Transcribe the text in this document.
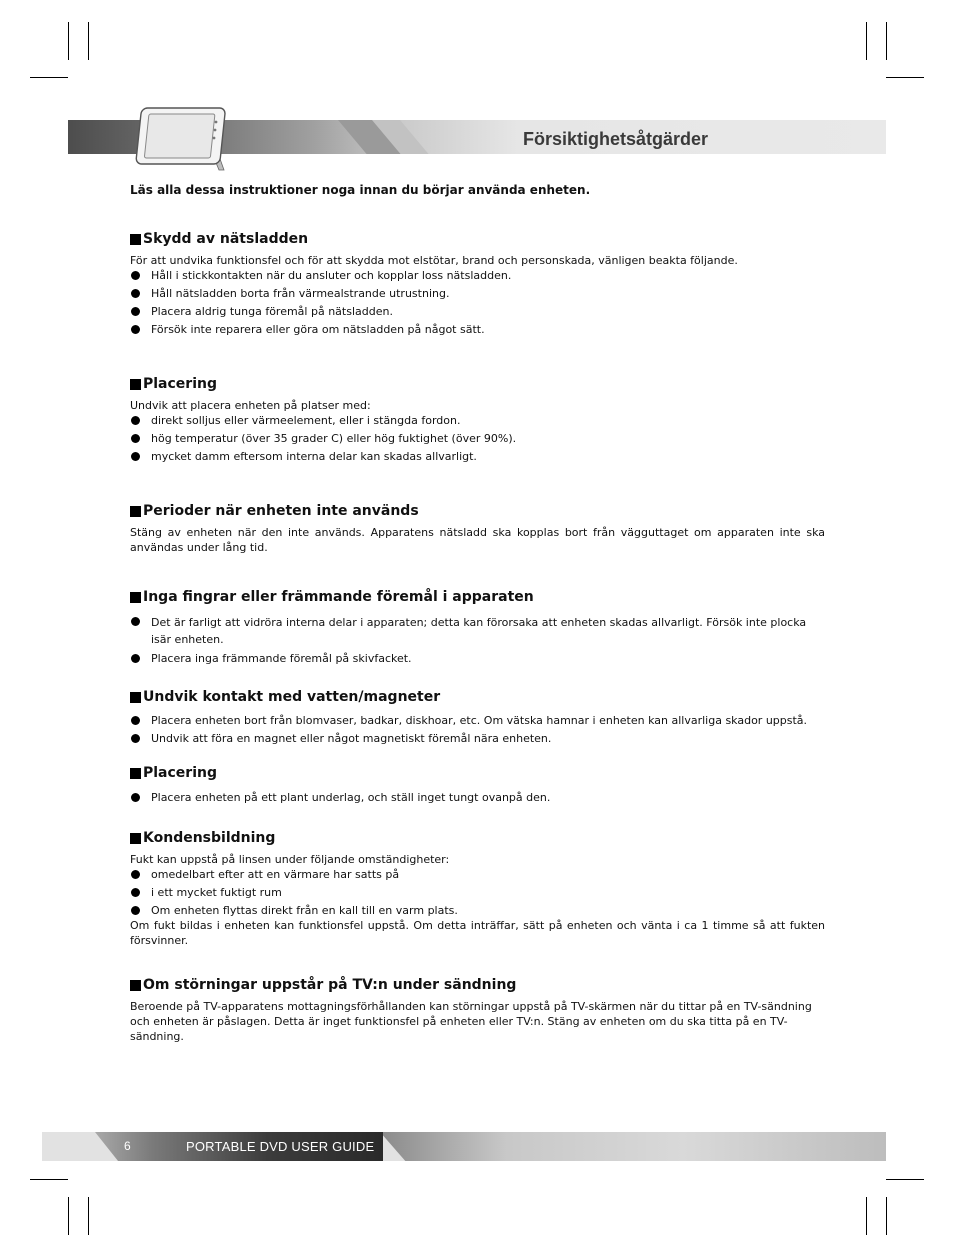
Försiktighetsåtgärder
Läs alla dessa instruktioner noga innan du börjar använda enheten.
Skydd av nätsladden
För att undvika funktionsfel och för att skydda mot elstötar, brand och personskada, vänligen beakta följande.
Håll i stickkontakten när du ansluter och kopplar loss nätsladden.
Håll nätsladden borta från värmealstrande utrustning.
Placera aldrig tunga föremål på nätsladden.
Försök inte reparera eller göra om nätsladden på något sätt.
Placering
Undvik att placera enheten på platser med:
direkt solljus eller värmeelement, eller i stängda fordon.
hög temperatur (över 35 grader C) eller hög fuktighet (över 90%).
mycket damm eftersom interna delar kan skadas allvarligt.
Perioder när enheten inte används
Stäng av enheten när den inte används. Apparatens nätsladd ska kopplas bort från vägguttaget om apparaten inte ska användas under lång tid.
Inga fingrar eller främmande föremål i apparaten
Det är farligt att vidröra interna delar i apparaten; detta kan förorsaka att enheten skadas allvarligt. Försök inte plocka isär enheten.
Placera inga främmande föremål på skivfacket.
Undvik kontakt med vatten/magneter
Placera enheten bort från blomvaser, badkar, diskhoar, etc. Om vätska hamnar i enheten kan allvarliga skador uppstå.
Undvik att föra en magnet eller något magnetiskt föremål nära enheten.
Placering
Placera enheten på ett plant underlag, och ställ inget tungt ovanpå den.
Kondensbildning
Fukt kan uppstå på linsen under följande omständigheter:
omedelbart efter att en värmare har satts på
i ett mycket fuktigt rum
Om enheten flyttas direkt från en kall till en varm plats.
Om fukt bildas i enheten kan funktionsfel uppstå. Om detta inträffar, sätt på enheten och vänta i ca 1 timme så att fukten försvinner.
Om störningar uppstår på TV:n under sändning
Beroende på TV-apparatens mottagningsförhållanden kan störningar uppstå på TV-skärmen när du tittar på en TV-sändning och enheten är påslagen. Detta är inget funktionsfel på enheten eller TV:n. Stäng av enheten om du ska titta på en TV-sändning.
6	PORTABLE DVD USER GUIDE
